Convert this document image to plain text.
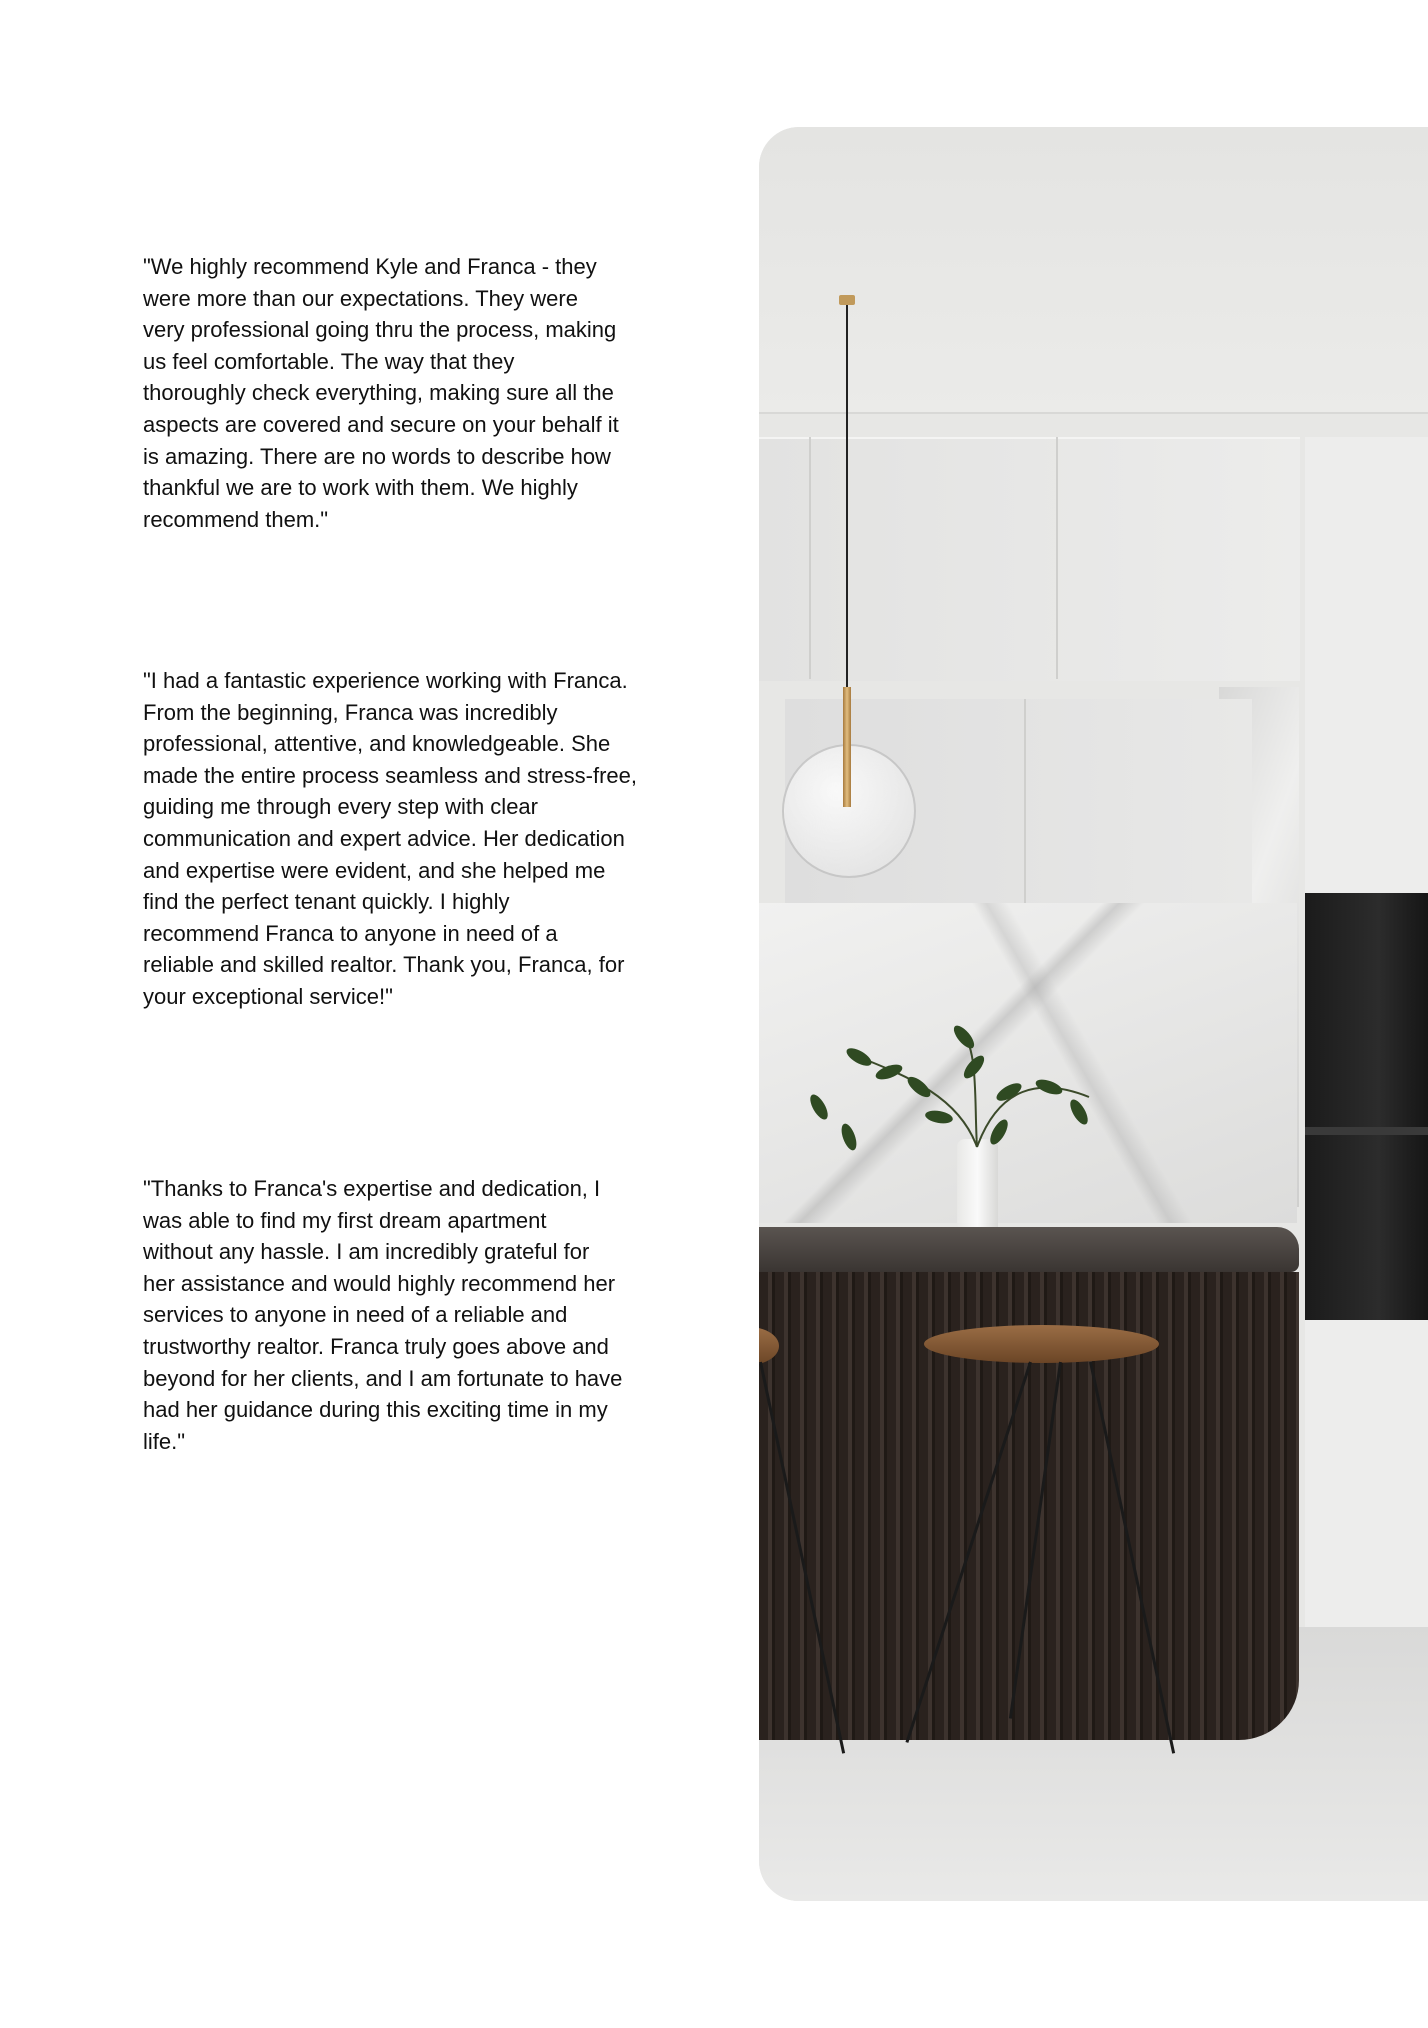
"We highly recommend Kyle and Franca - they
were more than our expectations. They were
very professional going thru the process, making
us feel comfortable. The way that they
thoroughly check everything, making sure all the
aspects are covered and secure on your behalf it
is amazing. There are no words to describe how
thankful we are to work with them. We highly
recommend them."
"I had a fantastic experience working with Franca.
From the beginning, Franca was incredibly
professional, attentive, and knowledgeable. She
made the entire process seamless and stress-free,
guiding me through every step with clear
communication and expert advice. Her dedication
and expertise were evident, and she helped me
find the perfect tenant quickly. I highly
recommend Franca to anyone in need of a
reliable and skilled realtor. Thank you, Franca, for
your exceptional service!"
"Thanks to Franca's expertise and dedication, I
was able to find my first dream apartment
without any hassle. I am incredibly grateful for
her assistance and would highly recommend her
services to anyone in need of a reliable and
trustworthy realtor. Franca truly goes above and
beyond for her clients, and I am fortunate to have
had her guidance during this exciting time in my
life."
